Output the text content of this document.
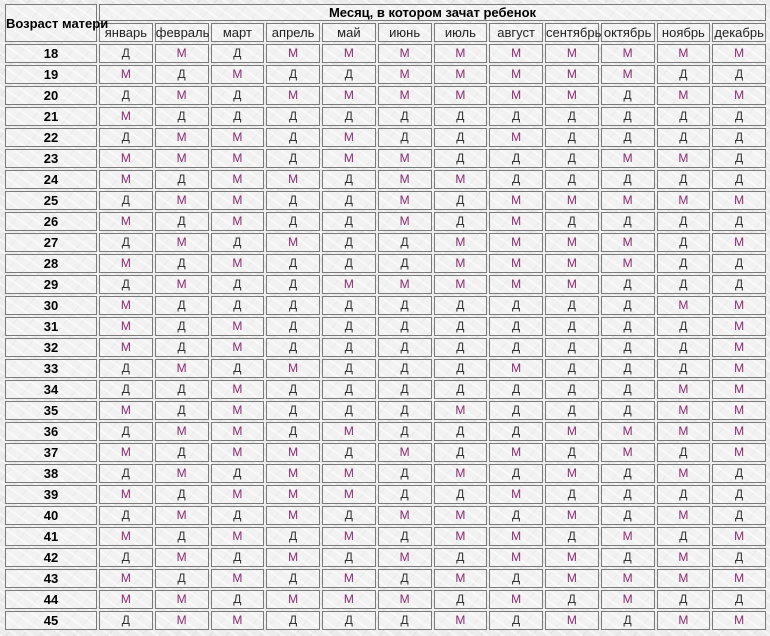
Возраст матери	Месяц, в котором зачат ребенок											
	январь	февраль	март	апрель	май	июнь	июль	август	сентябрь	октябрь	ноябрь	декабрь
18	Д	М	Д	М	М	М	М	М	М	М	М	М
19	М	Д	М	Д	Д	М	М	М	М	М	Д	Д
20	Д	М	Д	М	М	М	М	М	М	Д	М	М
21	М	Д	Д	Д	Д	Д	Д	Д	Д	Д	Д	Д
22	Д	М	М	Д	М	Д	Д	М	Д	Д	Д	Д
23	М	М	М	Д	М	М	Д	Д	Д	М	М	Д
24	М	Д	М	М	Д	М	М	Д	Д	Д	Д	Д
25	Д	М	М	Д	Д	М	Д	М	М	М	М	М
26	М	Д	М	Д	Д	М	Д	М	Д	Д	Д	Д
27	Д	М	Д	М	Д	Д	М	М	М	М	Д	М
28	М	Д	М	Д	Д	Д	М	М	М	М	Д	Д
29	Д	М	Д	Д	М	М	М	М	М	Д	Д	Д
30	М	Д	Д	Д	Д	Д	Д	Д	Д	Д	М	М
31	М	Д	М	Д	Д	Д	Д	Д	Д	Д	Д	М
32	М	Д	М	Д	Д	Д	Д	Д	Д	Д	Д	М
33	Д	М	Д	М	Д	Д	Д	М	Д	Д	Д	М
34	Д	Д	М	Д	Д	Д	Д	Д	Д	Д	М	М
35	М	Д	М	Д	Д	Д	М	Д	Д	Д	М	М
36	Д	М	М	Д	М	Д	Д	Д	М	М	М	М
37	М	Д	М	М	Д	М	Д	М	Д	М	Д	М
38	Д	М	Д	М	М	Д	М	Д	М	Д	М	Д
39	М	Д	М	М	М	Д	Д	М	Д	Д	Д	Д
40	Д	М	Д	М	Д	М	М	Д	М	Д	М	Д
41	М	Д	М	Д	М	Д	М	М	Д	М	Д	М
42	Д	М	Д	М	Д	М	Д	М	М	Д	М	Д
43	М	Д	М	Д	М	Д	М	Д	М	М	М	М
44	М	М	Д	М	М	М	Д	М	Д	М	Д	Д
45	Д	М	М	Д	Д	Д	М	Д	М	Д	М	М
